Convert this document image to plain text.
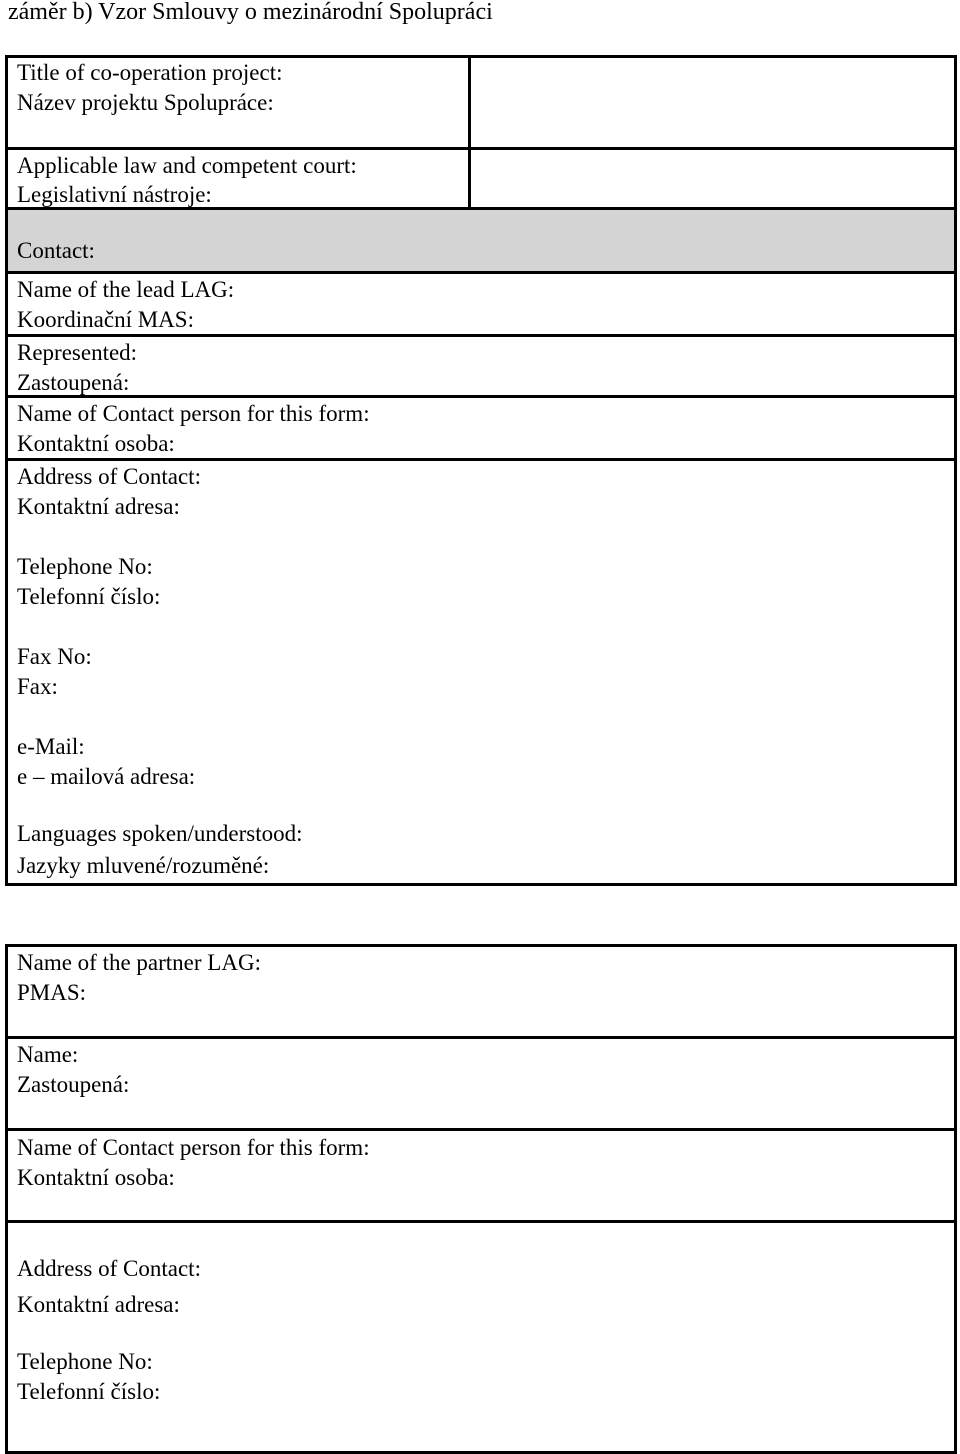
záměr b) Vzor Smlouvy o mezinárodní Spolupráci
Title of co-operation project:
Název projektu Spolupráce:
Applicable law and competent court:
Legislativní nástroje:
Contact:
Name of the lead LAG:
Koordinační MAS:
Represented:
Zastoupená:
Name of Contact person for this form:
Kontaktní osoba:
Address of Contact:
Kontaktní adresa:
Telephone No:
Telefonní číslo:
Fax No:
Fax:
e-Mail:
e – mailová adresa:
Languages spoken/understood:
Jazyky mluvené/rozuměné:
Name of the partner LAG:
PMAS:
Name:
Zastoupená:
Name of Contact person for this form:
Kontaktní osoba:
Address of Contact:
Kontaktní adresa:
Telephone No:
Telefonní číslo:
